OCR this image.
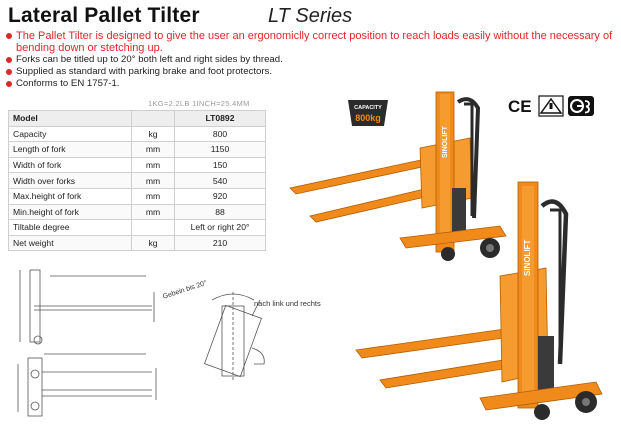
Lateral Pallet Tilter	LT Series
The Pallet Tilter is designed to give the user an ergonomiclly correct position to reach loads easily without the necessary of bending down or stetching up.
Forks can be titled up to 20° both left and right sides by thread.
Supplied as standard with parking brake and foot protectors.
Conforms to EN 1757-1.
1KG=2.2LB 1INCH=25.4MM
Model		LT0892
Capacity	kg	800
Length of fork	mm	1150
Width of fork	mm	150
Width over forks	mm	540
Max.height of fork	mm	920
Min.height of fork	mm	88
Tiltable degree		Left or right 20°
Net weight	kg	210
CAPACITY
800kg
CE
SINOLIFT
SINOLIFT
Gebein bis 20°
nach link und rechts
